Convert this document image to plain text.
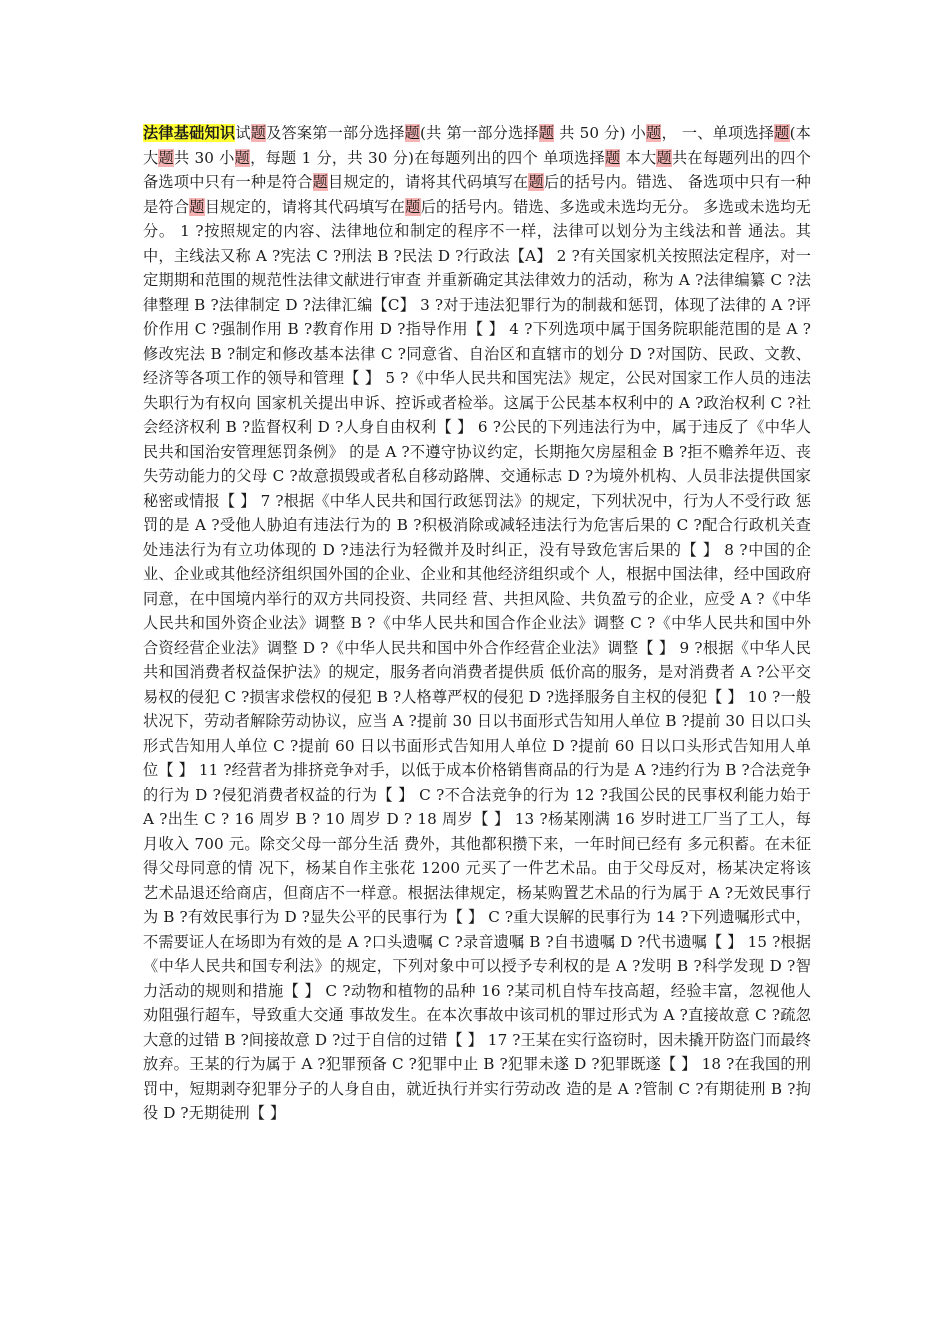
法律基础知识试题及答案第一部分选择题(共 第一部分选择题 共 50 分) 小题， 一、单项选择题(本大题共 30 小题，每题 1 分，共 30 分)在每题列出的四个 单项选择题 本大题共在每题列出的四个 备选项中只有一种是符合题目规定的，请将其代码填写在题后的括号内。错选、 备选项中只有一种是符合题目规定的，请将其代码填写在题后的括号内。错选、多选或未选均无分。 多选或未选均无分。 1 ?按照规定的内容、法律地位和制定的程序不一样，法律可以划分为主线法和普 通法。其中，主线法又称 A ?宪法 C ?刑法 B ?民法 D ?行政法【A】 2 ?有关国家机关按照法定程序，对一定期期和范围的规范性法律文献进行审查 并重新确定其法律效力的活动，称为 A ?法律编纂 C ?法律整理 B ?法律制定 D ?法律汇编【C】 3 ?对于违法犯罪行为的制裁和惩罚，体现了法律的 A ?评价作用 C ?强制作用 B ?教育作用 D ?指导作用【 】 4 ?下列选项中属于国务院职能范围的是 A ?修改宪法 B ?制定和修改基本法律 C ?同意省、自治区和直辖市的划分 D ?对国防、民政、文教、经济等各项工作的领导和管理【 】 5 ?《中华人民共和国宪法》规定，公民对国家工作人员的违法失职行为有权向 国家机关提出申诉、控诉或者检举。这属于公民基本权利中的 A ?政治权利 C ?社会经济权利 B ?监督权利 D ?人身自由权利【 】 6 ?公民的下列违法行为中，属于违反了《中华人民共和国治安管理惩罚条例》 的是 A ?不遵守协议约定，长期拖欠房屋租金 B ?拒不赡养年迈、丧失劳动能力的父母 C ?故意损毁或者私自移动路牌、交通标志 D ?为境外机构、人员非法提供国家秘密或情报【 】 7 ?根据《中华人民共和国行政惩罚法》的规定，下列状况中，行为人不受行政 惩罚的是 A ?受他人胁迫有违法行为的 B ?积极消除或减轻违法行为危害后果的 C ?配合行政机关查处违法行为有立功体现的 D ?违法行为轻微并及时纠正，没有导致危害后果的【 】 8 ?中国的企业、企业或其他经济组织国外国的企业、企业和其他经济组织或个 人，根据中国法律，经中国政府同意，在中国境内举行的双方共同投资、共同经 营、共担风险、共负盈亏的企业，应受 A ?《中华人民共和国外资企业法》调整 B ?《中华人民共和国合作企业法》调整 C ?《中华人民共和国中外合资经营企业法》调整 D ?《中华人民共和国中外合作经营企业法》调整【 】 9 ?根据《中华人民共和国消费者权益保护法》的规定，服务者向消费者提供质 低价高的服务，是对消费者 A ?公平交易权的侵犯 C ?损害求偿权的侵犯 B ?人格尊严权的侵犯 D ?选择服务自主权的侵犯【 】 10 ?一般状况下，劳动者解除劳动协议，应当 A ?提前 30 日以书面形式告知用人单位 B ?提前 30 日以口头形式告知用人单位 C ?提前 60 日以书面形式告知用人单位 D ?提前 60 日以口头形式告知用人单位【 】 11 ?经营者为排挤竞争对手，以低于成本价格销售商品的行为是 A ?违约行为 B ?合法竞争的行为 D ?侵犯消费者权益的行为【 】 C ?不合法竞争的行为 12 ?我国公民的民事权利能力始于 A ?出生 C ? 16 周岁 B ? 10 周岁 D ? 18 周岁【 】 13 ?杨某刚满 16 岁时进工厂当了工人，每月收入 700 元。除交父母一部分生活 费外，其他都积攒下来，一年时间已经有 多元积蓄。在未征得父母同意的情 况下，杨某自作主张花 1200 元买了一件艺术品。由于父母反对，杨某决定将该 艺术品退还给商店，但商店不一样意。根据法律规定，杨某购置艺术品的行为属于 A ?无效民事行为 B ?有效民事行为 D ?显失公平的民事行为【 】 C ?重大误解的民事行为 14 ?下列遗嘱形式中，不需要证人在场即为有效的是 A ?口头遗嘱 C ?录音遗嘱 B ?自书遗嘱 D ?代书遗嘱【 】 15 ?根据《中华人民共和国专利法》的规定，下列对象中可以授予专利权的是 A ?发明 B ?科学发现 D ?智力活动的规则和措施【 】 C ?动物和植物的品种 16 ?某司机自恃车技高超，经验丰富，忽视他人劝阻强行超车，导致重大交通 事故发生。在本次事故中该司机的罪过形式为 A ?直接故意 C ?疏忽大意的过错 B ?间接故意 D ?过于自信的过错【 】 17 ?王某在实行盗窃时，因未撬开防盗门而最终放弃。王某的行为属于 A ?犯罪预备 C ?犯罪中止 B ?犯罪未遂 D ?犯罪既遂【 】 18 ?在我国的刑罚中，短期剥夺犯罪分子的人身自由，就近执行并实行劳动改 造的是 A ?管制 C ?有期徒刑 B ?拘役 D ?无期徒刑【 】
